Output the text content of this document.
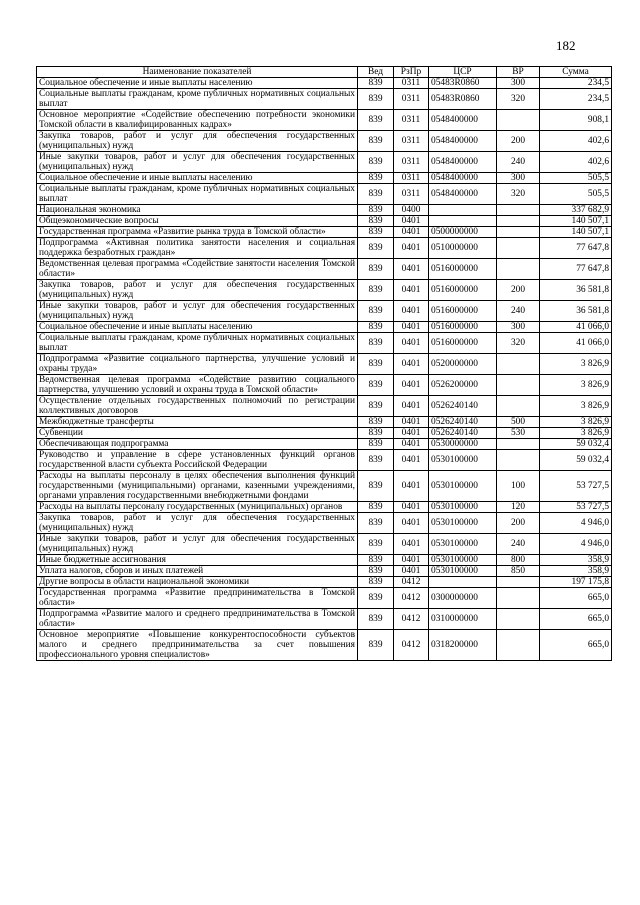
182
Наименование показателей	Вед	РзПр	ЦСР	ВР	Сумма
Социальное обеспечение и иные выплаты населению	839	0311	05483R0860	300	234,5
Социальные выплаты гражданам, кроме публичных нормативных социальных выплат	839	0311	05483R0860	320	234,5
Основное мероприятие «Содействие обеспечению потребности экономики Томской области в квалифицированных кадрах»	839	0311	0548400000		908,1
Закупка товаров, работ и услуг для обеспечения государственных (муниципальных) нужд	839	0311	0548400000	200	402,6
Иные закупки товаров, работ и услуг для обеспечения государственных (муниципальных) нужд	839	0311	0548400000	240	402,6
Социальное обеспечение и иные выплаты населению	839	0311	0548400000	300	505,5
Социальные выплаты гражданам, кроме публичных нормативных социальных выплат	839	0311	0548400000	320	505,5
Национальная экономика	839	0400			337 682,9
Общеэкономические вопросы	839	0401			140 507,1
Государственная программа «Развитие рынка труда в Томской области»	839	0401	0500000000		140 507,1
Подпрограмма «Активная политика занятости населения и социальная поддержка безработных граждан»	839	0401	0510000000		77 647,8
Ведомственная целевая программа «Содействие занятости населения Томской области»	839	0401	0516000000		77 647,8
Закупка товаров, работ и услуг для обеспечения государственных (муниципальных) нужд	839	0401	0516000000	200	36 581,8
Иные закупки товаров, работ и услуг для обеспечения государственных (муниципальных) нужд	839	0401	0516000000	240	36 581,8
Социальное обеспечение и иные выплаты населению	839	0401	0516000000	300	41 066,0
Социальные выплаты гражданам, кроме публичных нормативных социальных выплат	839	0401	0516000000	320	41 066,0
Подпрограмма «Развитие социального партнерства, улучшение условий и охраны труда»	839	0401	0520000000		3 826,9
Ведомственная целевая программа «Содействие развитию социального партнерства, улучшению условий и охраны труда в Томской области»	839	0401	0526200000		3 826,9
Осуществление отдельных государственных полномочий по регистрации коллективных договоров	839	0401	0526240140		3 826,9
Межбюджетные трансферты	839	0401	0526240140	500	3 826,9
Субвенции	839	0401	0526240140	530	3 826,9
Обеспечивающая подпрограмма	839	0401	0530000000		59 032,4
Руководство и управление в сфере установленных функций органов государственной власти субъекта Российской Федерации	839	0401	0530100000		59 032,4
Расходы на выплаты персоналу в целях обеспечения выполнения функций государственными (муниципальными) органами, казенными учреждениями, органами управления государственными внебюджетными фондами	839	0401	0530100000	100	53 727,5
Расходы на выплаты персоналу государственных (муниципальных) органов	839	0401	0530100000	120	53 727,5
Закупка товаров, работ и услуг для обеспечения государственных (муниципальных) нужд	839	0401	0530100000	200	4 946,0
Иные закупки товаров, работ и услуг для обеспечения государственных (муниципальных) нужд	839	0401	0530100000	240	4 946,0
Иные бюджетные ассигнования	839	0401	0530100000	800	358,9
Уплата налогов, сборов и иных платежей	839	0401	0530100000	850	358,9
Другие вопросы в области национальной экономики	839	0412			197 175,8
Государственная программа «Развитие предпринимательства в Томской области»	839	0412	0300000000		665,0
Подпрограмма «Развитие малого и среднего предпринимательства в Томской области»	839	0412	0310000000		665,0
Основное мероприятие «Повышение конкурентоспособности субъектов малого и среднего предпринимательства за счет повышения профессионального уровня специалистов»	839	0412	0318200000		665,0
